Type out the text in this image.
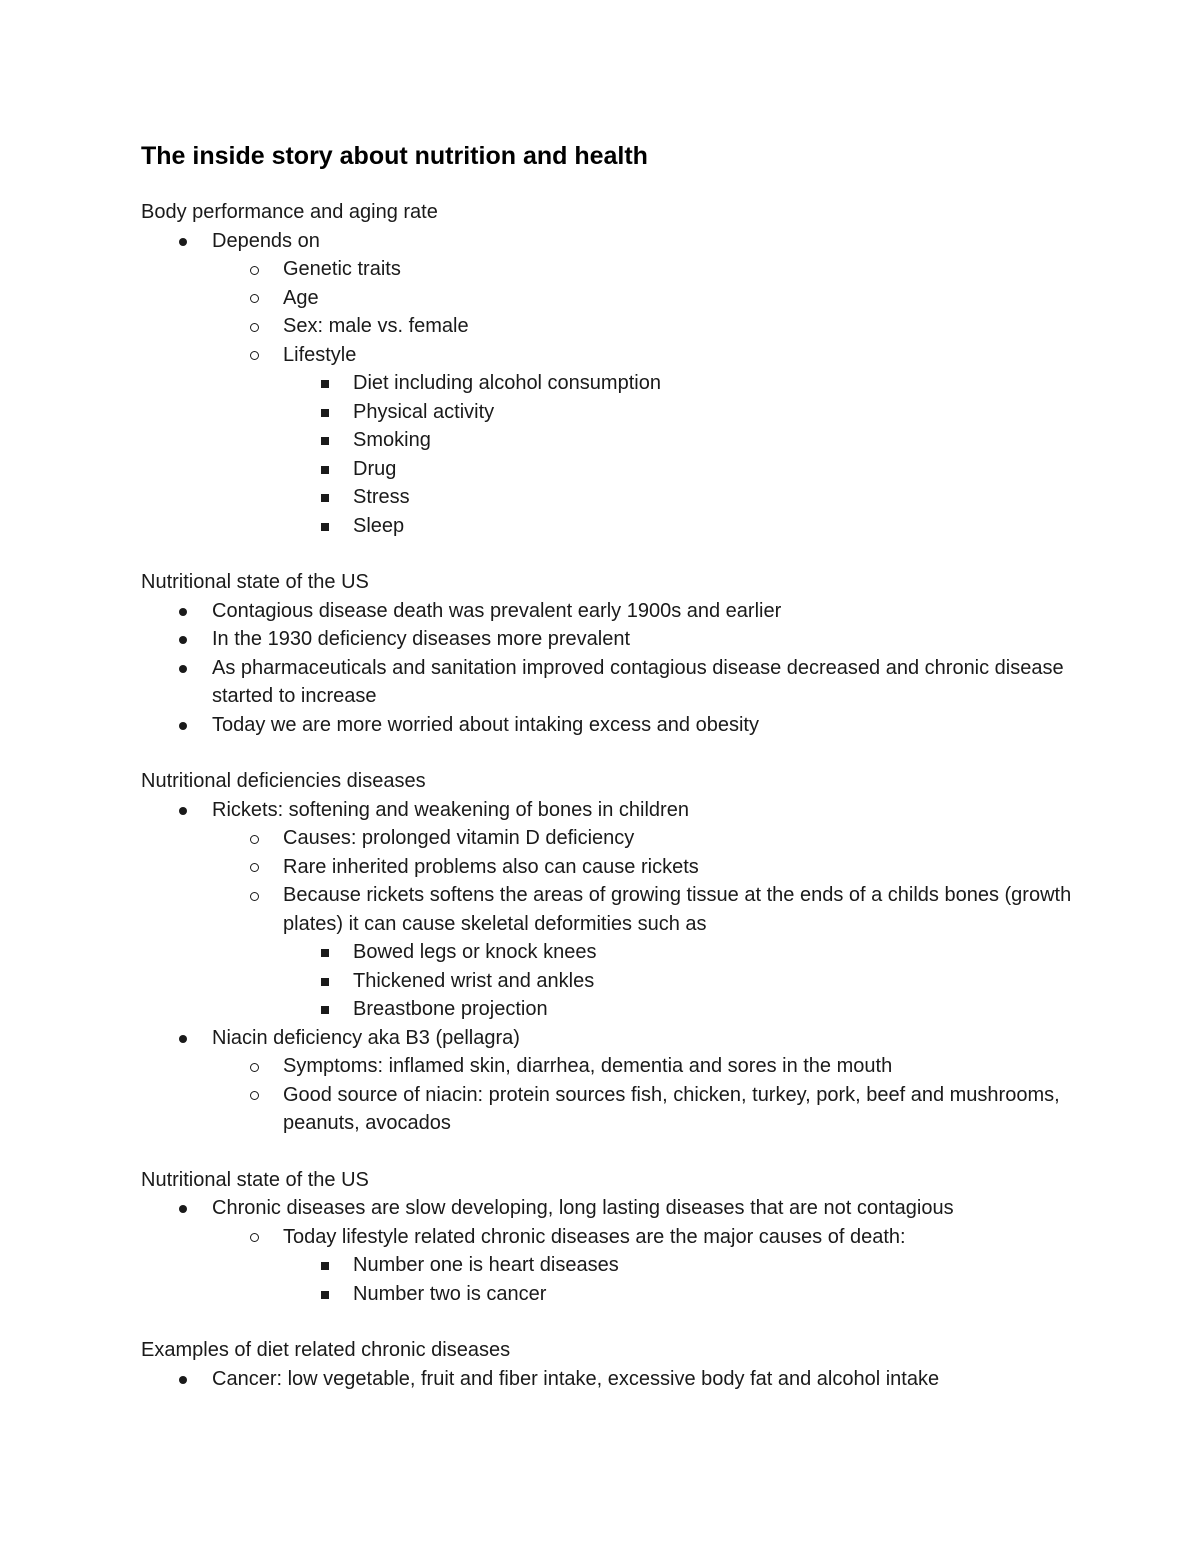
The inside story about nutrition and health

Body performance and aging rate

Depends on
Genetic traits
Age
Sex: male vs. female
Lifestyle
Diet including alcohol consumption
Physical activity
Smoking
Drug
Stress
Sleep

Nutritional state of the US

Contagious disease death was prevalent early 1900s and earlier
In the 1930 deficiency diseases more prevalent
As pharmaceuticals and sanitation improved contagious disease decreased and chronic disease started to increase
Today we are more worried about intaking excess and obesity

Nutritional deficiencies diseases

Rickets: softening and weakening of bones in children
Causes: prolonged vitamin D deficiency
Rare inherited problems also can cause rickets
Because rickets softens the areas of growing tissue at the ends of a childs bones (growth plates) it can cause skeletal deformities such as
Bowed legs or knock knees
Thickened wrist and ankles
Breastbone projection
Niacin deficiency aka B3 (pellagra)
Symptoms: inflamed skin, diarrhea, dementia and sores in the mouth
Good source of niacin: protein sources fish, chicken, turkey, pork, beef and mushrooms, peanuts, avocados

Nutritional state of the US

Chronic diseases are slow developing, long lasting diseases that are not contagious
Today lifestyle related chronic diseases are the major causes of death:
Number one is heart diseases
Number two is cancer

Examples of diet related chronic diseases

Cancer: low vegetable, fruit and fiber intake, excessive body fat and alcohol intake
